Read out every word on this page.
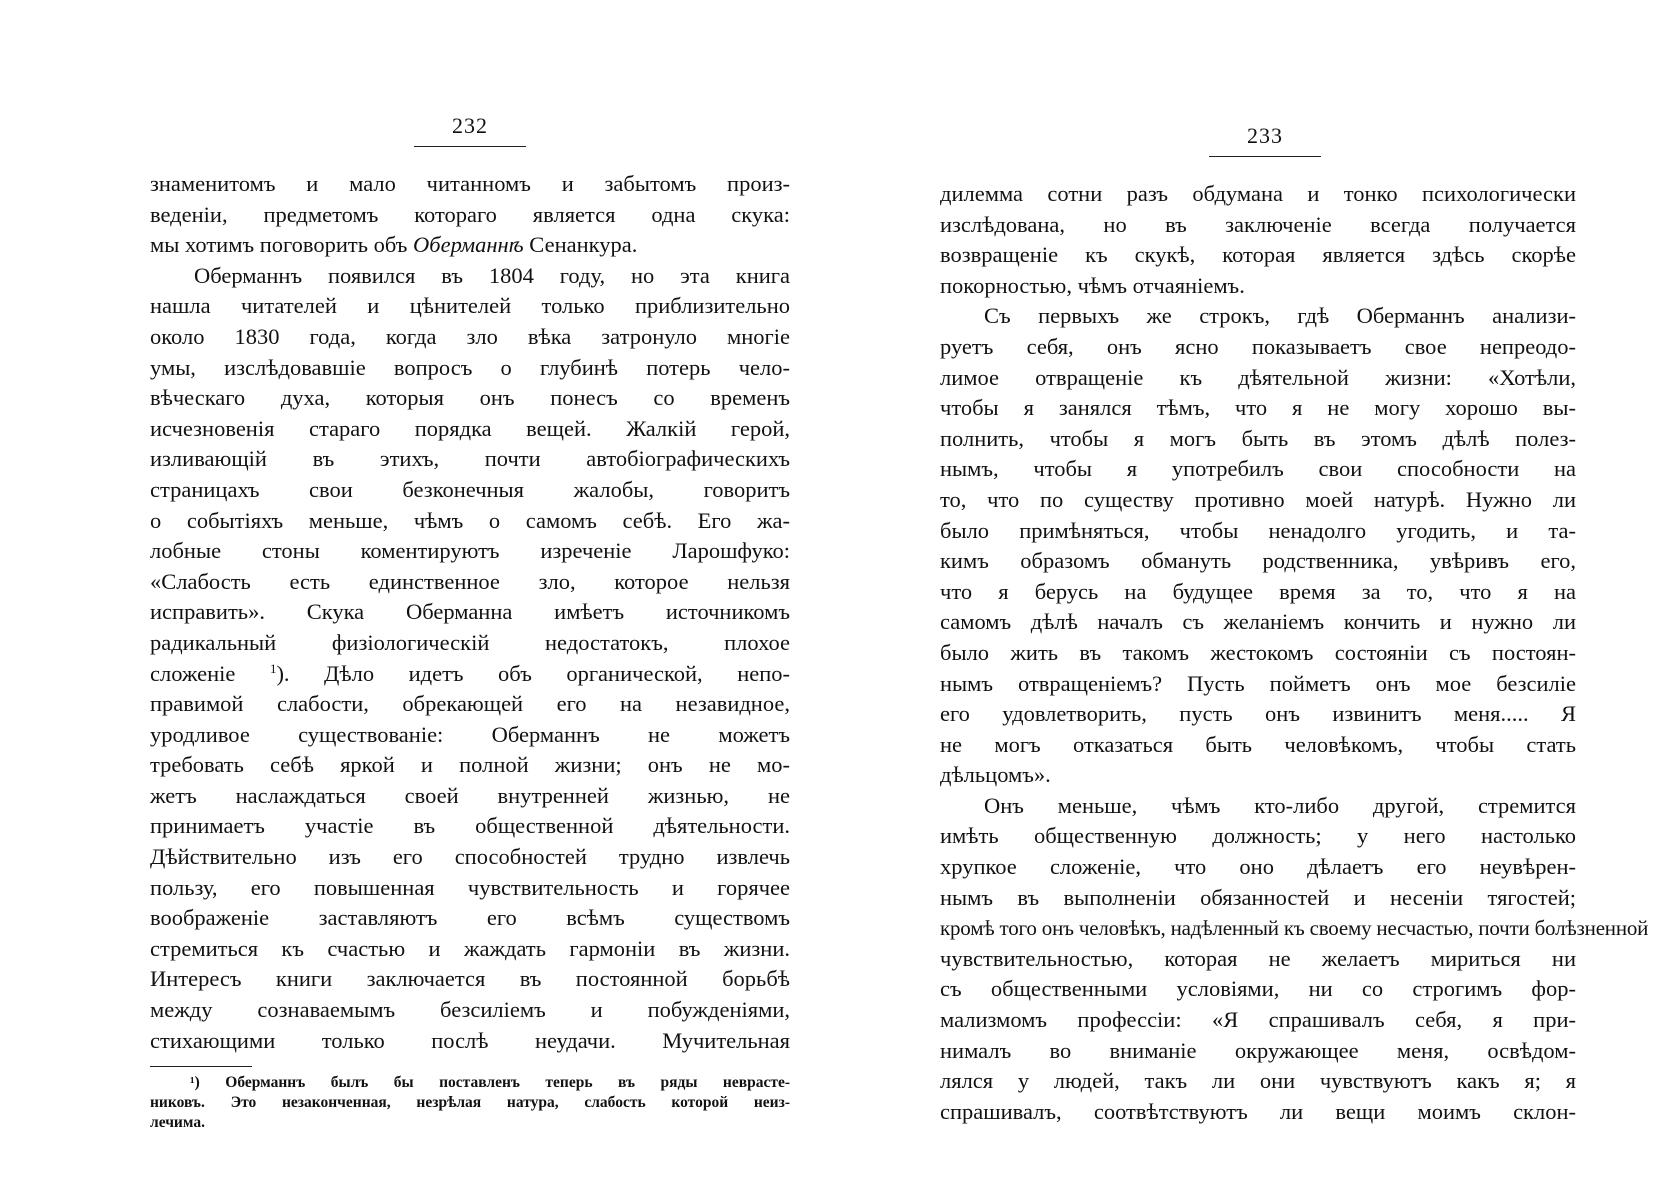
232
знаменитомъ и мало читанномъ и забытомъ произ-
веденіи, предметомъ котораго является одна скука:
мы хотимъ поговорить объ Оберманнѣ Сенанкура.
Оберманнъ появился въ 1804 году, но эта книга
нашла читателей и цѣнителей только приблизительно
около 1830 года, когда зло вѣка затронуло многіе
умы, изслѣдовавшіе вопросъ о глубинѣ потерь чело-
вѣческаго духа, которыя онъ понесъ со временъ
исчезновенія стараго порядка вещей. Жалкій герой,
изливающій въ этихъ, почти автобіографическихъ
страницахъ свои безконечныя жалобы, говоритъ
о событіяхъ меньше, чѣмъ о самомъ себѣ. Его жа-
лобные стоны коментируютъ изреченіе Ларошфуко:
«Слабость есть единственное зло, которое нельзя
исправить». Скука Оберманна имѣетъ источникомъ
радикальный физіологическій недостатокъ, плохое
сложеніе $^1$). Дѣло идетъ объ органической, непо-
правимой слабости, обрекающей его на незавидное,
уродливое существованіе: Оберманнъ не можетъ
требовать себѣ яркой и полной жизни; онъ не мо-
жетъ наслаждаться своей внутренней жизнью, не
принимаетъ участіе въ общественной дѣятельности.
Дѣйствительно изъ его способностей трудно извлечь
пользу, его повышенная чувствительность и горячее
воображеніе заставляютъ его всѣмъ существомъ
стремиться къ счастью и жаждать гармоніи въ жизни.
Интересъ книги заключается въ постоянной борьбѣ
между сознаваемымъ безсиліемъ и побужденіями,
стихающими только послѣ неудачи. Мучительная
¹) Оберманнъ былъ бы поставленъ теперь въ ряды неврасте-
никовъ. Это незаконченная, незрѣлая натура, слабость которой неиз-
лечима.
233
дилемма сотни разъ обдумана и тонко психологически
изслѣдована, но въ заключеніе всегда получается
возвращеніе къ скукѣ, которая является здѣсь скорѣе
покорностью, чѣмъ отчаяніемъ.
Съ первыхъ же строкъ, гдѣ Оберманнъ анализи-
руетъ себя, онъ ясно показываетъ свое непреодо-
лимое отвращеніе къ дѣятельной жизни: «Хотѣли,
чтобы я занялся тѣмъ, что я не могу хорошо вы-
полнить, чтобы я могъ быть въ этомъ дѣлѣ полез-
нымъ, чтобы я употребилъ свои способности на
то, что по существу противно моей натурѣ. Нужно ли
было примѣняться, чтобы ненадолго угодить, и та-
кимъ образомъ обмануть родственника, увѣривъ его,
что я берусь на будущее время за то, что я на
самомъ дѣлѣ началъ съ желаніемъ кончить и нужно ли
было жить въ такомъ жестокомъ состояніи съ постоян-
нымъ отвращеніемъ? Пусть пойметъ онъ мое безсиліе
его удовлетворить, пусть онъ извинитъ меня..... Я
не могъ отказаться быть человѣкомъ, чтобы стать
дѣльцомъ».
Онъ меньше, чѣмъ кто-либо другой, стремится
имѣть общественную должность; у него настолько
хрупкое сложеніе, что оно дѣлаетъ его неувѣрен-
нымъ въ выполненіи обязанностей и несеніи тягостей;
кромѣ того онъ человѣкъ, надѣленный къ своему несчастью, почти болѣзненной
чувствительностью, которая не желаетъ мириться ни
съ общественными условіями, ни со строгимъ фор-
мализмомъ профессіи: «Я спрашивалъ себя, я при-
нималъ во вниманіе окружающее меня, освѣдом-
лялся у людей, такъ ли они чувствуютъ какъ я; я
спрашивалъ, соотвѣтствуютъ ли вещи моимъ склон-
